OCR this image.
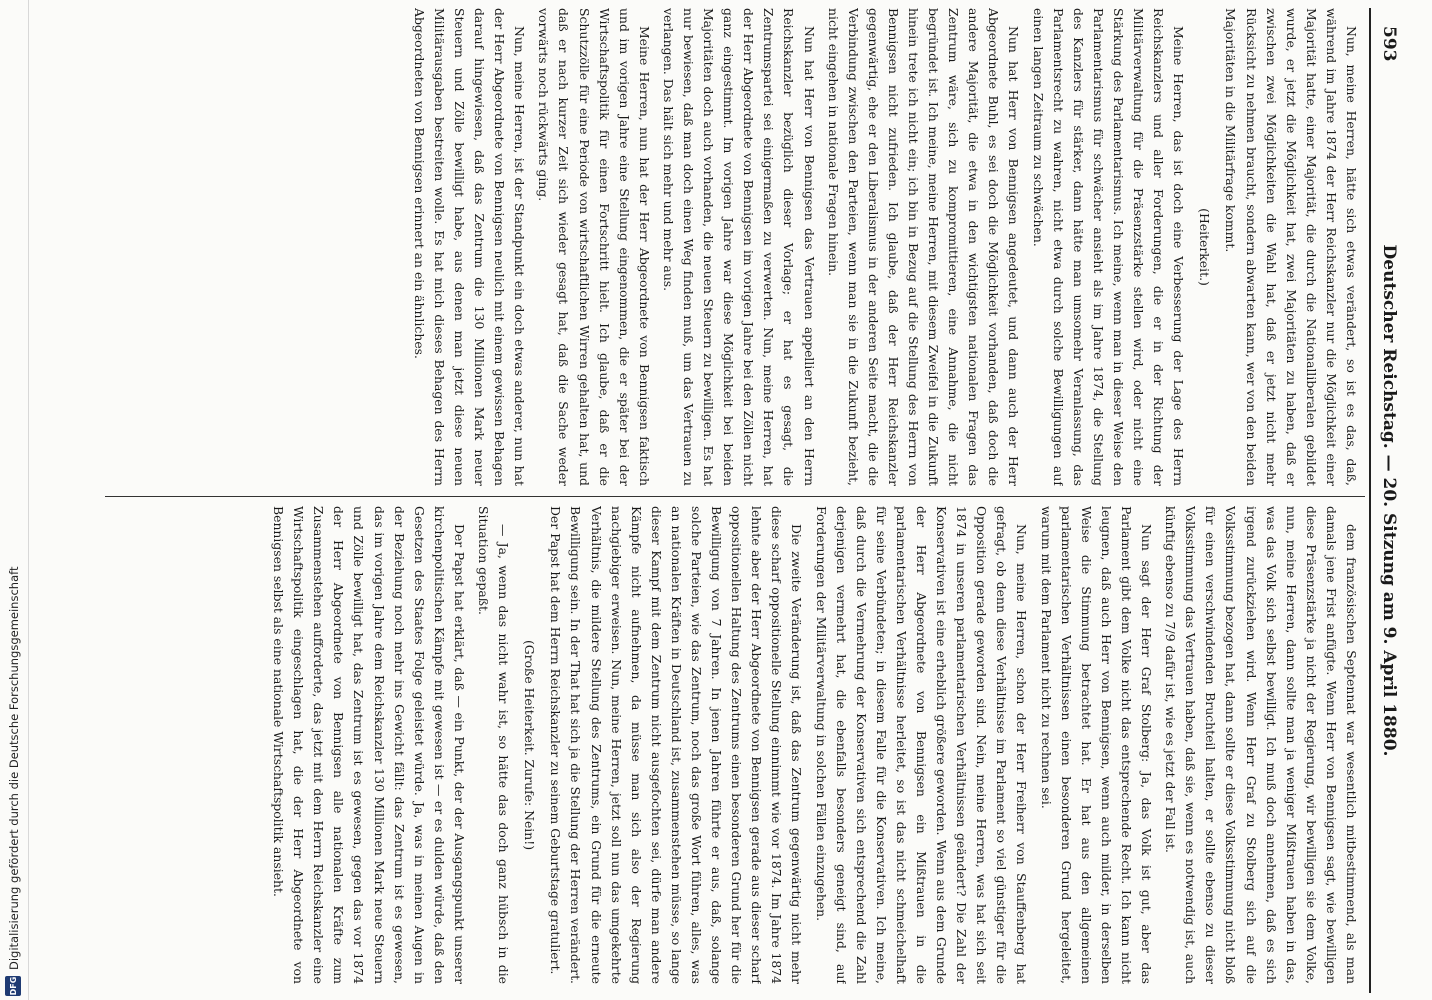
593
Deutscher Reichstag. — 20. Sitzung am 9. April 1880.

Nun, meine Herren, hätte sich etwas verändert, so ist es das, daß, während im Jahre 1874 der Herr Reichskanzler nur die Möglichkeit einer Majorität hatte, einer Majorität, die durch die Nationalliberalen gebildet wurde, er jetzt die Möglichkeit hat, zwei Majoritäten zu haben, daß er zwischen zwei Möglichkeiten die Wahl hat, daß er jetzt nicht mehr Rücksicht zu nehmen braucht, sondern abwarten kann, wer von den beiden Majoritäten in die Militärfrage kommt.

(Heiterkeit.)

Meine Herren, das ist doch eine Verbesserung der Lage des Herrn Reichskanzlers und aller Forderungen, die er in der Richtung der Militärverwaltung für die Präsenzstärke stellen wird, oder nicht eine Stärkung des Parlamentarismus. Ich meine, wenn man in dieser Weise den Parlamentarismus für schwächer ansieht als im Jahre 1874, die Stellung des Kanzlers für stärker, dann hätte man umsomehr Veranlassung, das Parlamentsrecht zu wahren, nicht etwa durch solche Bewilligungen auf einen langen Zeitraum zu schwächen.

Nun hat Herr von Bennigsen angedeutet, und dann auch der Herr Abgeordnete Buhl, es sei doch die Möglichkeit vorhanden, daß doch die andere Majorität, die etwa in den wichtigsten nationalen Fragen das Zentrum wäre, sich zu kompromittieren, eine Annahme, die nicht begründet ist. Ich meine, meine Herren, mit diesem Zweifel in die Zukunft hinein trete ich nicht ein; ich bin in Bezug auf die Stellung des Herrn von Bennigsen nicht zufrieden. Ich glaube, daß der Herr Reichskanzler gegenwärtig, ehe er den Liberalismus in der anderen Seite macht, die die Verbindung zwischen den Parteien, wenn man sie in die Zukunft bezieht, nicht eingehen in nationale Fragen hinein.

Nun hat Herr von Bennigsen das Vertrauen appelliert an den Herrn Reichskanzler bezüglich dieser Vorlage; er hat es gesagt, die Zentrumspartei sei einigermaßen zu verwerten. Nun, meine Herren, hat der Herr Abgeordnete von Bennigsen im vorigen Jahre bei den Zöllen nicht ganz eingestimmt. Im vorigen Jahre war diese Möglichkeit bei beiden Majoritäten doch auch vorhanden, die neuen Steuern zu bewilligen. Es hat nur bewiesen, daß man doch einen Weg finden muß, um das Vertrauen zu verlangen. Das hält sich mehr und mehr aus.

Meine Herren, nun hat der Herr Abgeordnete von Bennigsen faktisch und im vorigen Jahre eine Stellung eingenommen, die er später bei der Wirtschaftspolitik für einen Fortschritt hielt. Ich glaube, daß er die Schutzzölle für eine Periode von wirtschaftlichen Wirren gehalten hat, und daß er nach kurzer Zeit sich wieder gesagt hat, daß die Sache weder vorwärts noch rückwärts ging.

Nun, meine Herren, ist der Standpunkt ein doch etwas anderer, nun hat der Herr Abgeordnete von Bennigsen neulich mit einem gewissen Behagen darauf hingewiesen, daß das Zentrum die 130 Millionen Mark neuer Steuern und Zölle bewilligt habe, aus denen man jetzt diese neuen Militärausgaben bestreiten wolle. Es hat mich dieses Behagen des Herrn Abgeordneten von Bennigsen erinnert an ein ähnliches.

dem französischen Septennat war wesentlich mitbestimmend, als man damals jene Frist anfügte. Wenn Herr von Bennigsen sagt, wie bewilligen diese Präsenzstärke ja nicht der Regierung, wir bewilligen sie dem Volke, nun, meine Herren, dann sollte man ja weniger Mißtrauen haben in das, was das Volk sich selbst bewilligt. Ich muß doch annehmen, daß es sich irgend zurückziehen wird. Wenn Herr Graf zu Stolberg sich auf die Volksstimmung bezogen hat, dann sollte er diese Volksstimmung nicht bloß für einen verschwindenden Bruchteil halten, er sollte ebenso zu dieser Volksstimmung das Vertrauen haben, daß sie, wenn es notwendig ist, auch künftig ebenso zu 7/9 dafür ist, wie es jetzt der Fall ist.

Nun sagt der Herr Graf Stolberg: Ja, das Volk ist gut, aber das Parlament gibt dem Volke nicht das entsprechende Recht. Ich kann nicht leugnen, daß auch Herr von Bennigsen, wenn auch milder, in derselben Weise die Stimmung betrachtet hat. Er hat aus den allgemeinen parlamentarischen Verhältnissen einen besonderen Grund hergeleitet, warum mit dem Parlament nicht zu rechnen sei.

Nun, meine Herren, schon der Herr Freiherr von Stauffenberg hat gefragt, ob denn diese Verhältnisse im Parlament so viel günstiger für die Opposition gerade geworden sind. Nein, meine Herren, was hat sich seit 1874 in unseren parlamentarischen Verhältnissen geändert? Die Zahl der Konservativen ist eine erheblich größere geworden. Wenn aus dem Grunde der Herr Abgeordnete von Bennigsen ein Mißtrauen in die parlamentarischen Verhältnisse herleitet, so ist das nicht schmeichelhaft für seine Verbündeten; in diesem Falle für die Konservativen. Ich meine, daß durch die Vermehrung der Konservativen sich entsprechend die Zahl derjenigen vermehrt hat, die ebenfalls besonders geneigt sind, auf Forderungen der Militärverwaltung in solchen Fällen einzugehen.

Die zweite Veränderung ist, daß das Zentrum gegenwärtig nicht mehr diese scharf oppositionelle Stellung einnimmt wie vor 1874. Im Jahre 1874 lehnte aber der Herr Abgeordnete von Bennigsen gerade aus dieser scharf oppositionellen Haltung des Zentrums einen besonderen Grund her für die Bewilligung von 7 Jahren. In jenen Jahren führte er aus, daß, solange solche Parteien, wie das Zentrum, noch das große Wort führen, alles, was an nationalen Kräften in Deutschland ist, zusammenstehen müsse, so lange dieser Kampf mit dem Zentrum nicht ausgefochten sei, dürfe man andere Kämpfe nicht aufnehmen, da müsse man sich also der Regierung nachgiebiger erweisen. Nun, meine Herren, jetzt soll nun das umgekehrte Verhältnis, die mildere Stellung des Zentrums, ein Grund für die erneute Bewilligung sein. In der That hat sich ja die Stellung der Herren verändert. Der Papst hat dem Herrn Reichskanzler zu seinem Geburtstage gratuliert.

(Große Heiterkeit. Zurufe: Nein!)

— Ja, wenn das nicht wahr ist, so hätte das doch ganz hübsch in die Situation gepaßt.

Der Papst hat erklärt, daß — ein Punkt, der der Ausgangspunkt unserer kirchenpolitischen Kämpfe mit gewesen ist — er es dulden würde, daß den Gesetzen des Staates Folge geleistet würde. Ja, was in meinen Augen in der Beziehung noch mehr ins Gewicht fällt: das Zentrum ist es gewesen, das im vorigen Jahre dem Reichskanzler 130 Millionen Mark neue Steuern und Zölle bewilligt hat, das Zentrum ist es gewesen, gegen das vor 1874 der Herr Abgeordnete von Bennigsen alle nationalen Kräfte zum Zusammenstehen aufforderte, das jetzt mit dem Herrn Reichskanzler eine Wirtschaftspolitik eingeschlagen hat, die der Herr Abgeordnete von Bennigsen selbst als eine nationale Wirtschaftspolitik ansieht.

DFG
Digitalisierung gefördert durch die Deutsche Forschungsgemeinschaft
